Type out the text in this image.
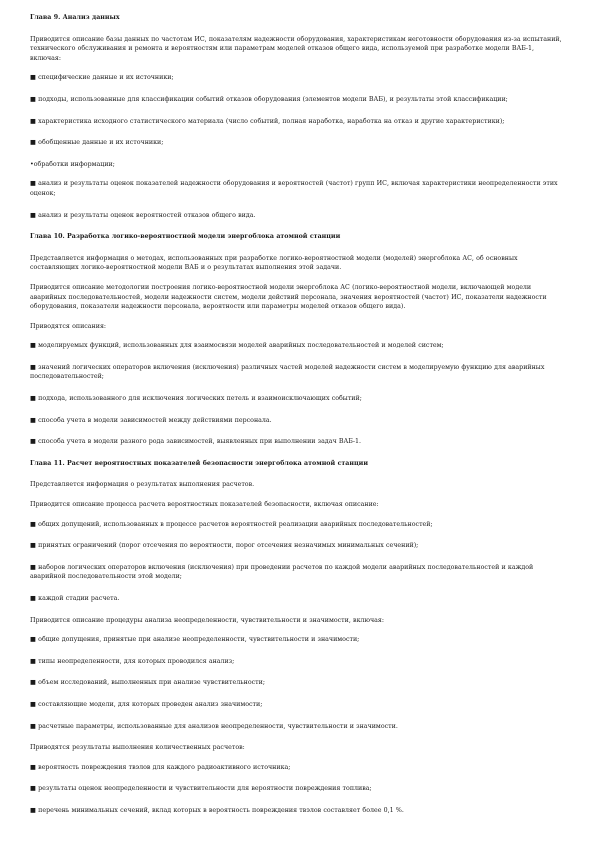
Глава 9. Анализ данных

Приводится описание базы данных по частотам ИС, показателям надежности оборудования, характеристикам неготовности оборудования из-за испытаний, технического обслуживания и ремонта и вероятностям или параметрам моделей отказов общего вида, используемой при разработке модели ВАБ-1, включая:

■ специфические данные и их источники;

■ подходы, использованные для классификации событий отказов оборудования (элементов модели ВАБ), и результаты этой классификации;

■ характеристика исходного статистического материала (число событий, полная наработка, наработка на отказ и другие характеристики);

■ обобщенные данные и их источники;

•обработки информации;

■ анализ и результаты оценок показателей надежности оборудования и вероятностей (частот) групп ИС, включая характеристики неопределенности этих оценок;

■ анализ и результаты оценок вероятностей отказов общего вида.

Глава 10. Разработка логико-вероятностной модели энергоблока атомной станции

Представляется информация о методах, использованных при разработке логико-вероятностной модели (моделей) энергоблока АС, об основных составляющих логико-вероятностной модели ВАБ и о результатах выполнения этой задачи.

Приводится описание методологии построения логико-вероятностной модели энергоблока АС (логико-вероятностной модели, включающей модели аварийных последовательностей, модели надежности систем, модели действий персонала, значения вероятностей (частот) ИС, показатели надежности оборудования, показатели надежности персонала, вероятности или параметры моделей отказов общего вида).

Приводятся описания:

■ моделируемых функций, использованных для взаимосвязи моделей аварийных последовательностей и моделей систем;

■ значений логических операторов включения (исключения) различных частей моделей надежности систем в моделируемую функцию для аварийных последовательностей;

■ подхода, использованного для исключения логических петель и взаимоисключающих событий;

■ способа учета в модели зависимостей между действиями персонала.

■ способа учета в модели разного рода зависимостей, выявленных при выполнении задач ВАБ-1.

Глава 11. Расчет вероятностных показателей безопасности энергоблока атомной станции

Представляется информация о результатах выполнения расчетов.

Приводится описание процесса расчета вероятностных показателей безопасности, включая описание:

■ общих допущений, использованных в процессе расчетов вероятностей реализации аварийных последовательностей;

■ принятых ограничений (порог отсечения по вероятности, порог отсечения незначимых минимальных сечений);

■ наборов логических операторов включения (исключения) при проведении расчетов по каждой модели аварийных последовательностей и каждой аварийной последовательности этой модели;

■ каждой стадии расчета.

Приводится описание процедуры анализа неопределенности, чувствительности и значимости, включая:

■ общие допущения, принятые при анализе неопределенности, чувствительности и значимости;

■ типы неопределенности, для которых проводился анализ;

■ объем исследований, выполненных при анализе чувствительности;

■ составляющие модели, для которых проведен анализ значимости;

■ расчетные параметры, использованные для анализов неопределенности, чувствительности и значимости.

Приводятся результаты выполнения количественных расчетов:

■ вероятность повреждения твэлов для каждого радиоактивного источника;

■ результаты оценок неопределенности и чувствительности для вероятности повреждения топлива;

■ перечень минимальных сечений, вклад которых в вероятность повреждения твэлов составляет более 0,1 %.
